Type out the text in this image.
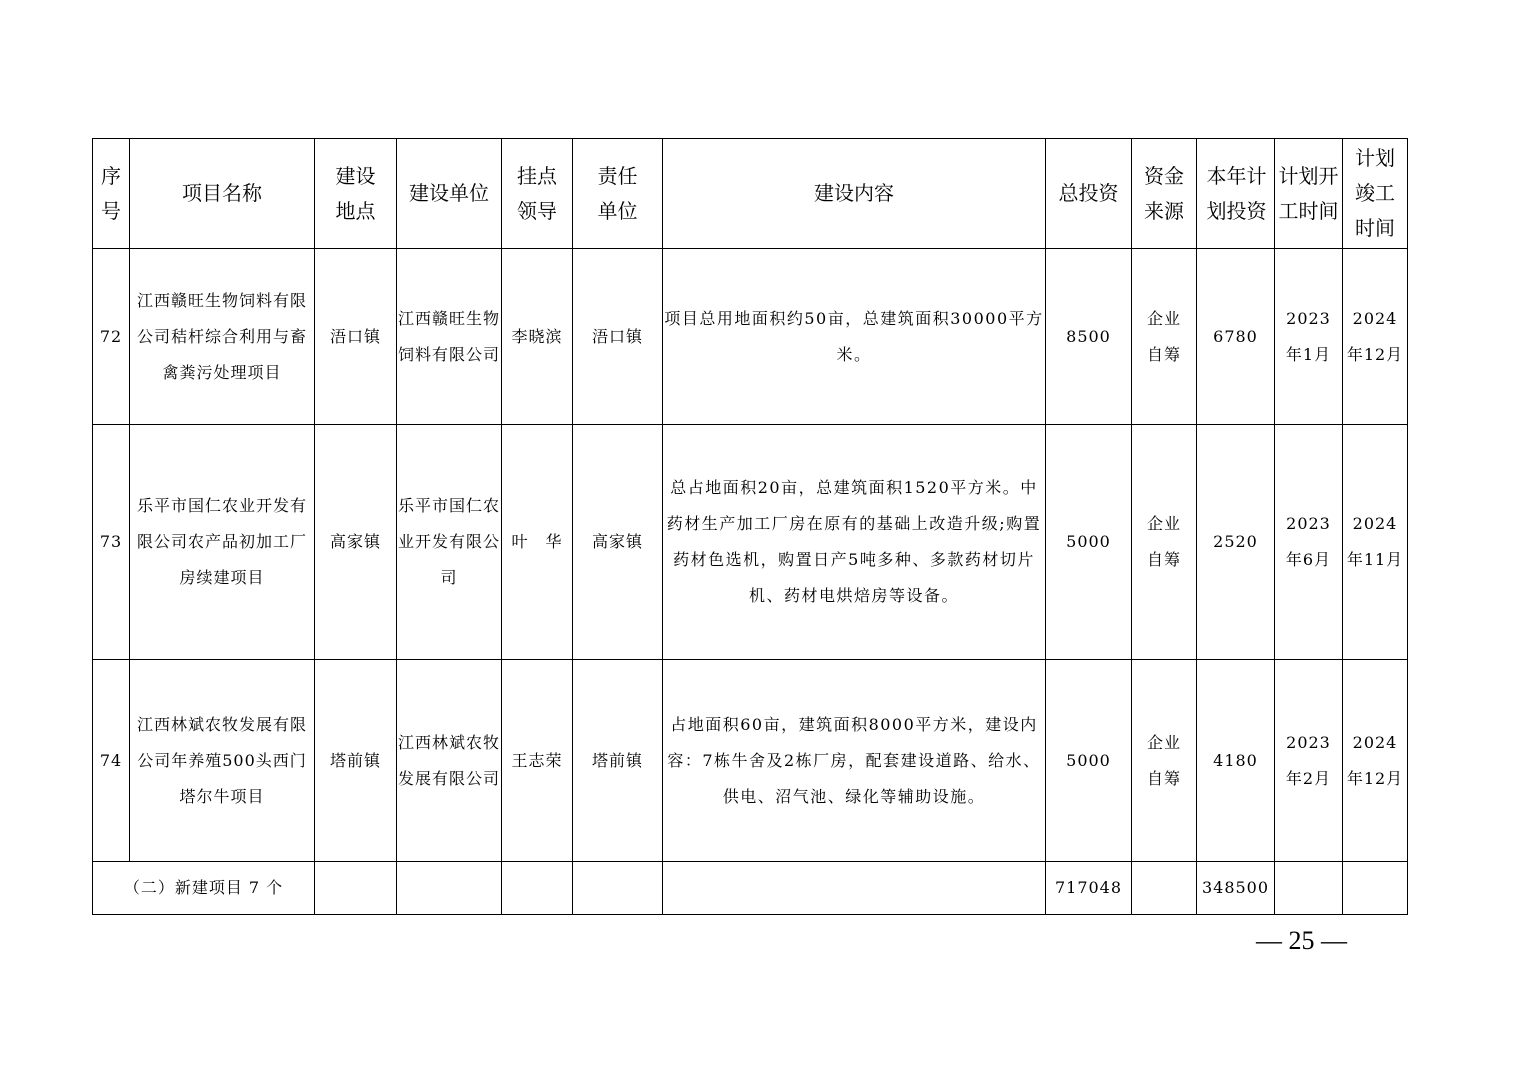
序号	项目名称	建设地点	建设单位	挂点领导	责任单位	建设内容	总投资	资金来源	本年计划投资	计划开工时间	计划竣工时间
72	江西赣旺生物饲料有限公司秸杆综合利用与畜禽粪污处理项目	浯口镇	江西赣旺生物饲料有限公司	李晓滨	浯口镇	项目总用地面积约50亩，总建筑面积30000平方米。	8500	企业自筹	6780	2023年1月	2024年12月
73	乐平市国仁农业开发有限公司农产品初加工厂房续建项目	高家镇	乐平市国仁农业开发有限公司	叶　华	高家镇	总占地面积20亩，总建筑面积1520平方米。中药材生产加工厂房在原有的基础上改造升级;购置药材色选机，购置日产5吨多种、多款药材切片机、药材电烘焙房等设备。	5000	企业自筹	2520	2023年6月	2024年11月
74	江西林斌农牧发展有限公司年养殖500头西门塔尔牛项目	塔前镇	江西林斌农牧发展有限公司	王志荣	塔前镇	占地面积60亩，建筑面积8000平方米，建设内容：7栋牛舍及2栋厂房，配套建设道路、给水、供电、沼气池、绿化等辅助设施。	5000	企业自筹	4180	2023年2月	2024年12月
（二）新建项目 7 个							717048		348500		
— 25 —
